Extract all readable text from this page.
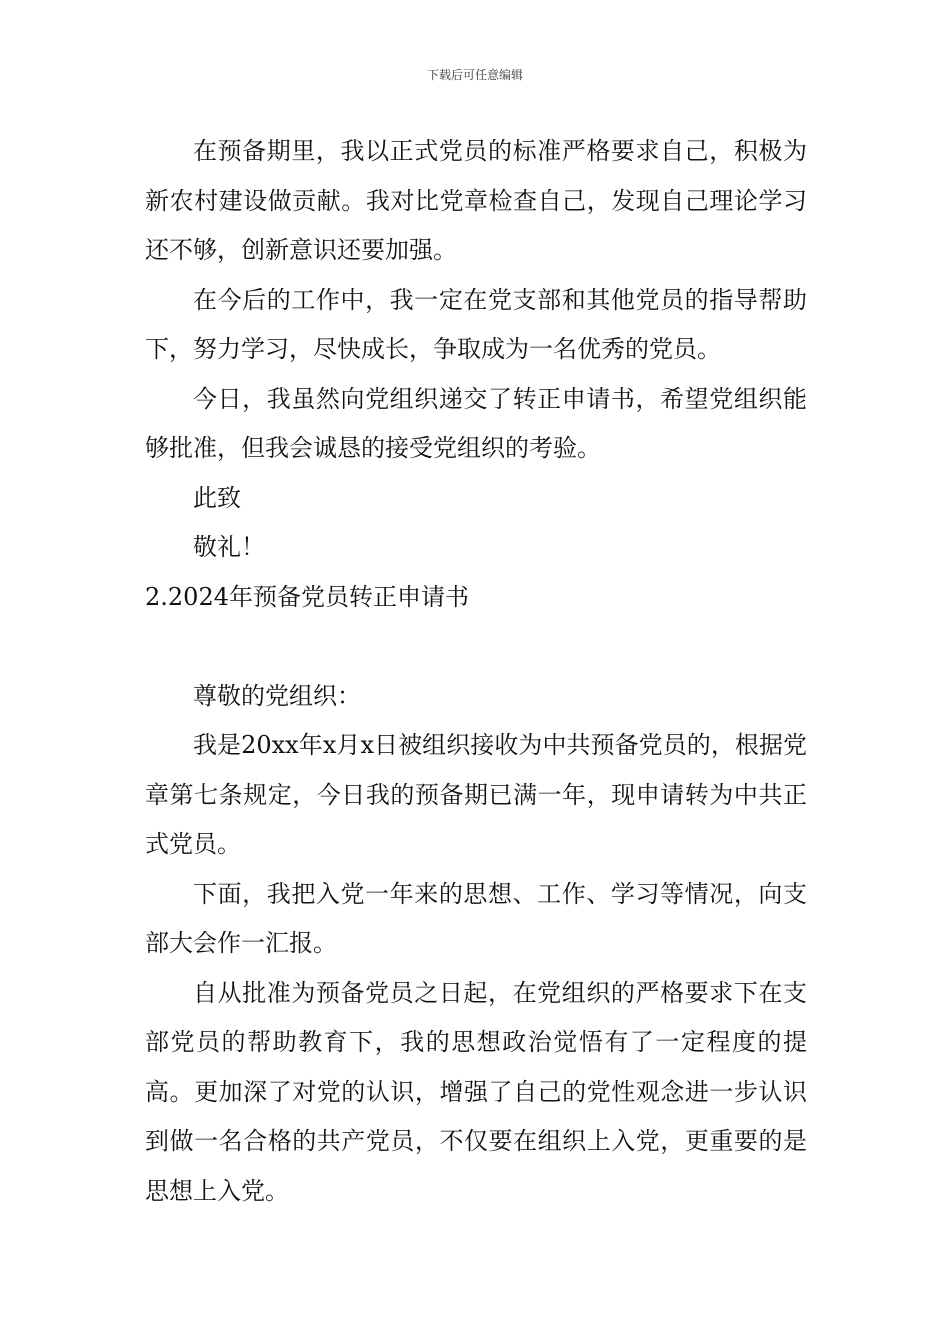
下载后可任意编辑

在预备期里，我以正式党员的标准严格要求自己，积极为新农村建设做贡献。我对比党章检查自己，发现自己理论学习还不够，创新意识还要加强。

在今后的工作中，我一定在党支部和其他党员的指导帮助下，努力学习，尽快成长，争取成为一名优秀的党员。

今日，我虽然向党组织递交了转正申请书，希望党组织能够批准，但我会诚恳的接受党组织的考验。

此致

敬礼！

2.2024年预备党员转正申请书

尊敬的党组织：

我是20xx年x月x日被组织接收为中共预备党员的，根据党章第七条规定，今日我的预备期已满一年，现申请转为中共正式党员。

下面，我把入党一年来的思想、工作、学习等情况，向支部大会作一汇报。

自从批准为预备党员之日起，在党组织的严格要求下在支部党员的帮助教育下，我的思想政治觉悟有了一定程度的提高。更加深了对党的认识，增强了自己的党性观念进一步认识到做一名合格的共产党员，不仅要在组织上入党，更重要的是思想上入党。
